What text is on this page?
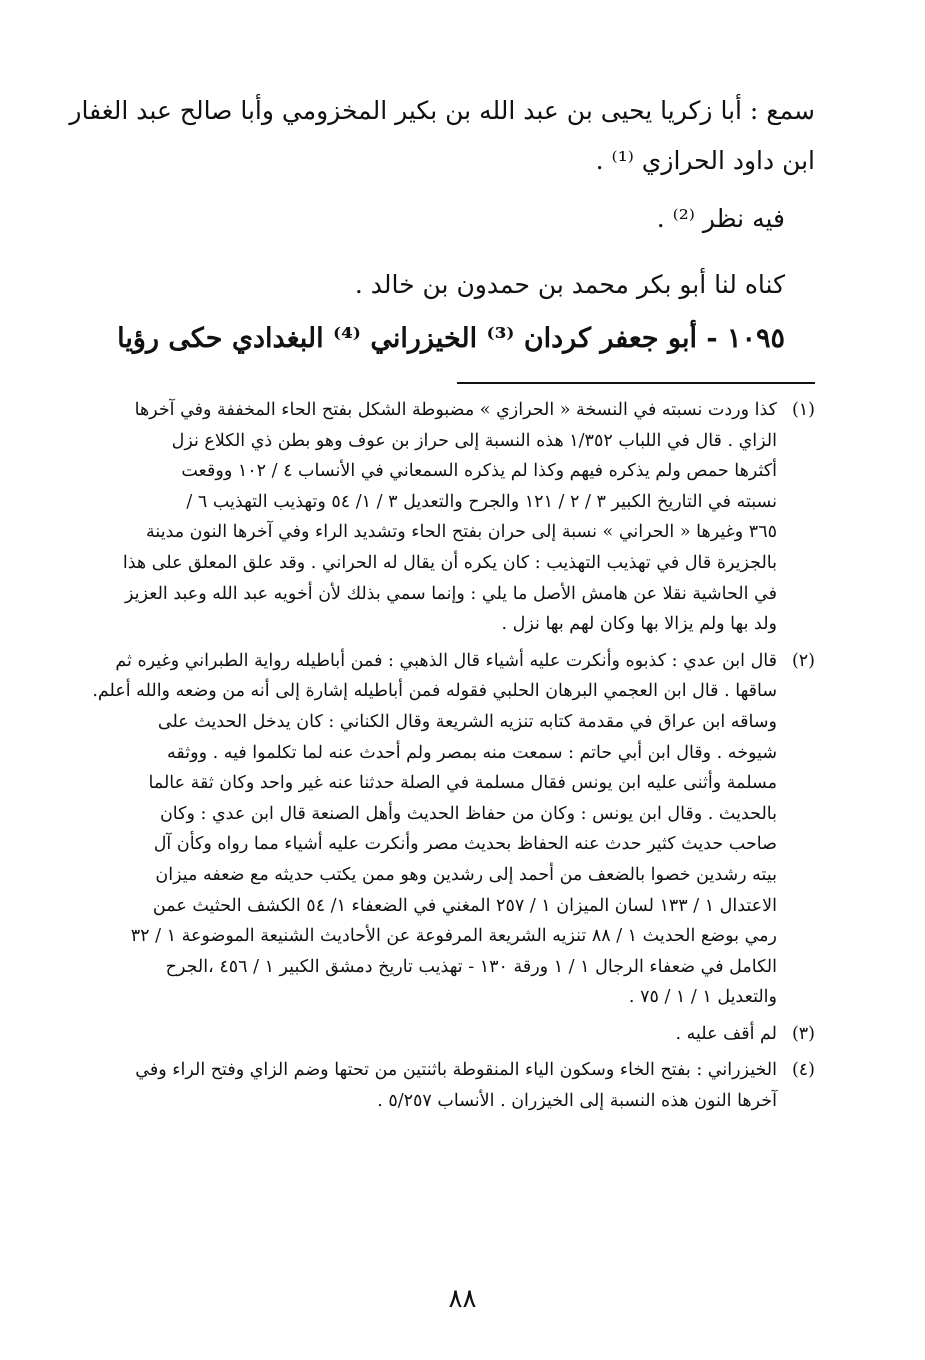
سمع : أبا زكريا يحيى بن عبد الله بن بكير المخزومي وأبا صالح عبد الغفار
ابن داود الحرازي ⁽¹⁾ .
فيه نظر ⁽²⁾ .
كناه لنا أبو بكر محمد بن حمدون بن خالد .
١٠٩٥ - أبو جعفر كردان ⁽³⁾ الخيزراني ⁽⁴⁾ البغدادي حكى رؤيا
(١)
كذا وردت نسبته في النسخة « الحرازي » مضبوطة الشكل بفتح الحاء المخففة وفي آخرها
الزاي . قال في اللباب ١/٣٥٢ هذه النسبة إلى حراز بن عوف وهو بطن ذي الكلاع نزل
أكثرها حمص ولم يذكره فيهم وكذا لم يذكره السمعاني في الأنساب ٤ / ١٠٢ ووقعت
نسبته في التاريخ الكبير ٣ / ٢ / ١٢١ والجرح والتعديل ٣ / ١/ ٥٤ وتهذيب التهذيب ٦ /
٣٦٥ وغيرها « الحراني » نسبة إلى حران بفتح الحاء وتشديد الراء وفي آخرها النون مدينة
بالجزيرة قال في تهذيب التهذيب : كان يكره أن يقال له الحراني . وقد علق المعلق على هذا
في الحاشية نقلا عن هامش الأصل ما يلي : وإنما سمي بذلك لأن أخويه عبد الله وعبد العزيز
ولد بها ولم يزالا بها وكان لهم بها نزل .
(٢)
قال ابن عدي : كذبوه وأنكرت عليه أشياء قال الذهبي : فمن أباطيله رواية الطبراني وغيره ثم
ساقها . قال ابن العجمي البرهان الحلبي فقوله فمن أباطيله إشارة إلى أنه من وضعه والله أعلم.
وساقه ابن عراق في مقدمة كتابه تنزيه الشريعة وقال الكناني : كان يدخل الحديث على
شيوخه . وقال ابن أبي حاتم : سمعت منه بمصر ولم أحدث عنه لما تكلموا فيه . ووثقه
مسلمة وأثنى عليه ابن يونس فقال مسلمة في الصلة حدثنا عنه غير واحد وكان ثقة عالما
بالحديث . وقال ابن يونس : وكان من حفاظ الحديث وأهل الصنعة قال ابن عدي : وكان
صاحب حديث كثير حدث عنه الحفاظ بحديث مصر وأنكرت عليه أشياء مما رواه وكأن آل
بيته رشدين خصوا بالضعف من أحمد إلى رشدين وهو ممن يكتب حديثه مع ضعفه ميزان
الاعتدال ١ / ١٣٣ لسان الميزان ١ / ٢٥٧ المغني في الضعفاء ١/ ٥٤ الكشف الحثيث عمن
رمي بوضع الحديث ١ / ٨٨ تنزيه الشريعة المرفوعة عن الأحاديث الشنيعة الموضوعة ١ / ٣٢
الكامل في ضعفاء الرجال ١ / ١ ورقة ١٣٠ - تهذيب تاريخ دمشق الكبير ١ / ٤٥٦ ،الجرح
والتعديل ١ / ١ / ٧٥ .
(٣)
لم أقف عليه .
(٤)
الخيزراني : بفتح الخاء وسكون الياء المنقوطة باثنتين من تحتها وضم الزاي وفتح الراء وفي
آخرها النون هذه النسبة إلى الخيزران . الأنساب ٥/٢٥٧ .
٨٨
